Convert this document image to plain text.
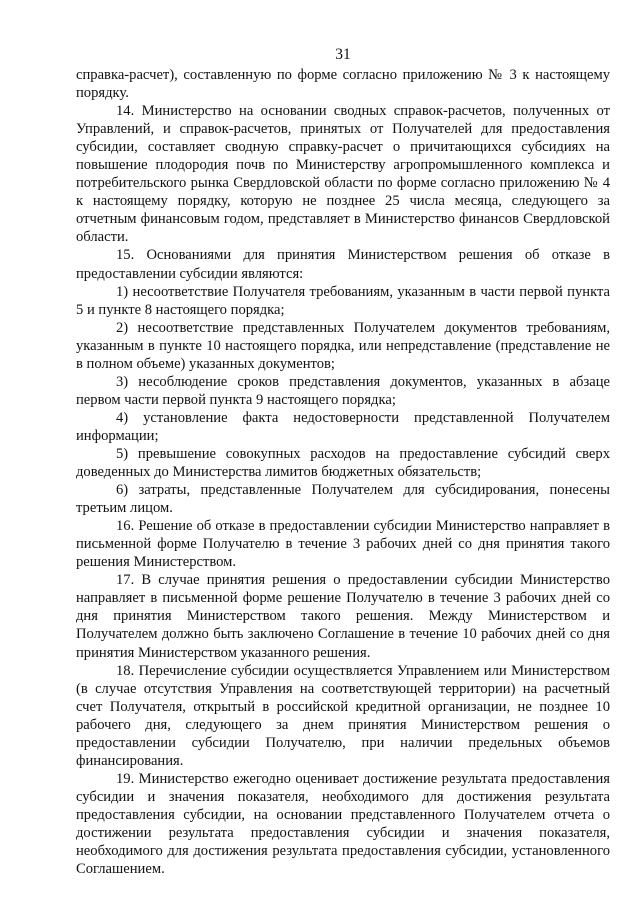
31

справка-расчет), составленную по форме согласно приложению № 3 к настоящему порядку.

14. Министерство на основании сводных справок-расчетов, полученных от Управлений, и справок-расчетов, принятых от Получателей для предоставления субсидии, составляет сводную справку-расчет о причитающихся субсидиях на повышение плодородия почв по Министерству агропромышленного комплекса и потребительского рынка Свердловской области по форме согласно приложению № 4 к настоящему порядку, которую не позднее 25 числа месяца, следующего за отчетным финансовым годом, представляет в Министерство финансов Свердловской области.

15. Основаниями для принятия Министерством решения об отказе в предоставлении субсидии являются:

1) несоответствие Получателя требованиям, указанным в части первой пункта 5 и пункте 8 настоящего порядка;

2) несоответствие представленных Получателем документов требованиям, указанным в пункте 10 настоящего порядка, или непредставление (представление не в полном объеме) указанных документов;

3) несоблюдение сроков представления документов, указанных в абзаце первом части первой пункта 9 настоящего порядка;

4) установление факта недостоверности представленной Получателем информации;

5) превышение совокупных расходов на предоставление субсидий сверх доведенных до Министерства лимитов бюджетных обязательств;

6) затраты, представленные Получателем для субсидирования, понесены третьим лицом.

16. Решение об отказе в предоставлении субсидии Министерство направляет в письменной форме Получателю в течение 3 рабочих дней со дня принятия такого решения Министерством.

17. В случае принятия решения о предоставлении субсидии Министерство направляет в письменной форме решение Получателю в течение 3 рабочих дней со дня принятия Министерством такого решения. Между Министерством и Получателем должно быть заключено Соглашение в течение 10 рабочих дней со дня принятия Министерством указанного решения.

18. Перечисление субсидии осуществляется Управлением или Министерством (в случае отсутствия Управления на соответствующей территории) на расчетный счет Получателя, открытый в российской кредитной организации, не позднее 10 рабочего дня, следующего за днем принятия Министерством решения о предоставлении субсидии Получателю, при наличии предельных объемов финансирования.

19. Министерство ежегодно оценивает достижение результата предоставления субсидии и значения показателя, необходимого для достижения результата предоставления субсидии, на основании представленного Получателем отчета о достижении результата предоставления субсидии и значения показателя, необходимого для достижения результата предоставления субсидии, установленного Соглашением.
